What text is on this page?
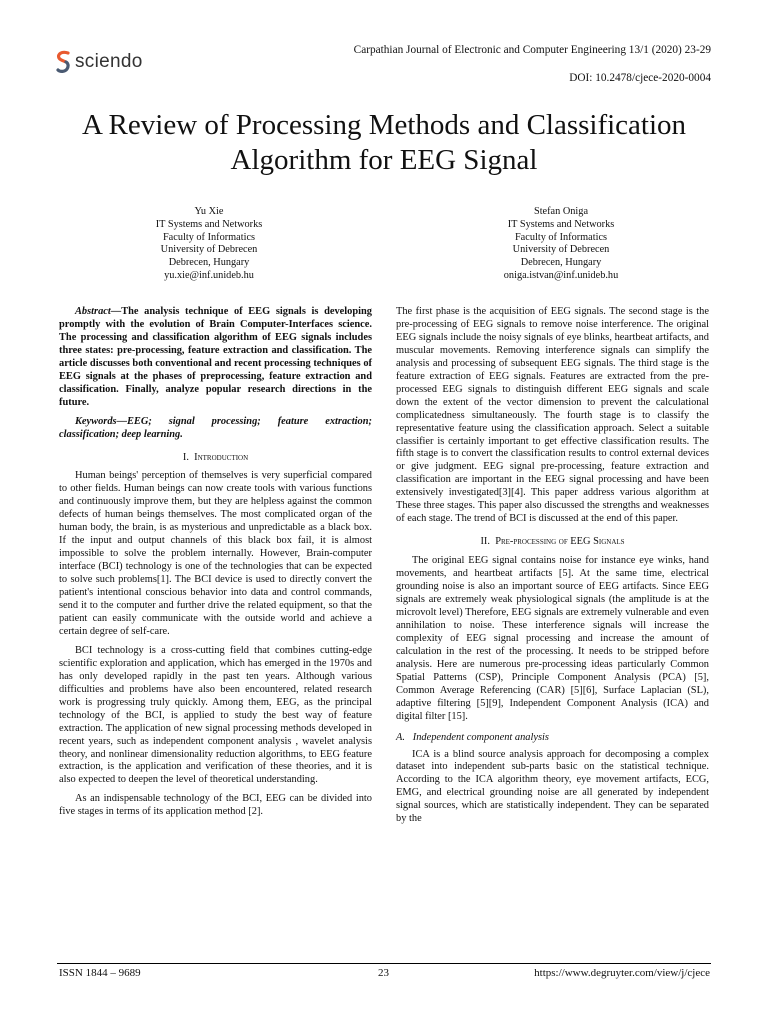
sciendo
Carpathian Journal of Electronic and Computer Engineering 13/1 (2020) 23-29
DOI: 10.2478/cjece-2020-0004
A Review of Processing Methods and Classification Algorithm for EEG Signal
Yu Xie
IT Systems and Networks
Faculty of Informatics
University of Debrecen
Debrecen, Hungary
yu.xie@inf.unideb.hu
Stefan Oniga
IT Systems and Networks
Faculty of Informatics
University of Debrecen
Debrecen, Hungary
oniga.istvan@inf.unideb.hu

Abstract—The analysis technique of EEG signals is developing promptly with the evolution of Brain Computer-Interfaces science. The processing and classification algorithm of EEG signals includes three states: pre-processing, feature extraction and classification. The article discusses both conventional and recent processing techniques of EEG signals at the phases of preprocessing, feature extraction and classification. Finally, analyze popular research directions in the future.

Keywords—EEG; signal processing; feature extraction; classification; deep learning.

I. Introduction

Human beings' perception of themselves is very superficial compared to other fields. Human beings can now create tools with various functions and continuously improve them, but they are helpless against the common defects of human beings themselves. The most complicated organ of the human body, the brain, is as mysterious and unpredictable as a black box. If the input and output channels of this black box fail, it is almost impossible to solve the problem internally. However, Brain-computer interface (BCI) technology is one of the technologies that can be expected to solve such problems[1]. The BCI device is used to directly convert the patient's intentional conscious behavior into data and control commands, send it to the computer and further drive the related equipment, so that the patient can easily communicate with the outside world and achieve a certain degree of self-care.

BCI technology is a cross-cutting field that combines cutting-edge scientific exploration and application, which has emerged in the 1970s and has only developed rapidly in the past ten years. Although various difficulties and problems have also been encountered, related research work is progressing truly quickly. Among them, EEG, as the principal technology of the BCI, is applied to study the best way of feature extraction. The application of new signal processing methods developed in recent years, such as independent component analysis , wavelet analysis theory, and nonlinear dimensionality reduction algorithms, to EEG feature extraction, is the application and verification of these theories, and it is also expected to deepen the level of theoretical understanding.

As an indispensable technology of the BCI, EEG can be divided into five stages in terms of its application method [2].

The first phase is the acquisition of EEG signals. The second stage is the pre-processing of EEG signals to remove noise interference. The original EEG signals include the noisy signals of eye blinks, heartbeat artifacts, and muscular movements. Removing interference signals can simplify the analysis and processing of subsequent EEG signals. The third stage is the feature extraction of EEG signals. Features are extracted from the pre-processed EEG signals to distinguish different EEG signals and scale down the extent of the vector dimension to prevent the calculational complicatedness simultaneously. The fourth stage is to classify the representative feature using the classification approach. Select a suitable classifier is certainly important to get effective classification results. The fifth stage is to convert the classification results to control external devices or give judgment. EEG signal pre-processing, feature extraction and classification are important in the EEG signal processing and have been extensively investigated[3][4]. This paper address various algorithm at These three stages. This paper also discussed the strengths and weaknesses of each stage. The trend of BCI is discussed at the end of this paper.

II. Pre-processing of EEG Signals

The original EEG signal contains noise for instance eye winks, hand movements, and heartbeat artifacts [5]. At the same time, electrical grounding noise is also an important source of EEG artifacts. Since EEG signals are extremely weak physiological signals (the amplitude is at the microvolt level) Therefore, EEG signals are extremely vulnerable and even annihilation to noise. These interference signals will increase the complexity of EEG signal processing and increase the amount of calculation in the rest of the processing. It needs to be stripped before analysis. Here are numerous pre-processing ideas particularly Common Spatial Patterns (CSP), Principle Component Analysis (PCA) [5], Common Average Referencing (CAR) [5][6], Surface Laplacian (SL), adaptive filtering [5][9], Independent Component Analysis (ICA) and digital filter [15].

A. Independent component analysis

ICA is a blind source analysis approach for decomposing a complex dataset into independent sub-parts basic on the statistical technique. According to the ICA algorithm theory, eye movement artifacts, ECG, EMG, and electrical grounding noise are all generated by independent signal sources, which are statistically independent. They can be separated by the

ISSN 1844 – 9689	23	https://www.degruyter.com/view/j/cjece
